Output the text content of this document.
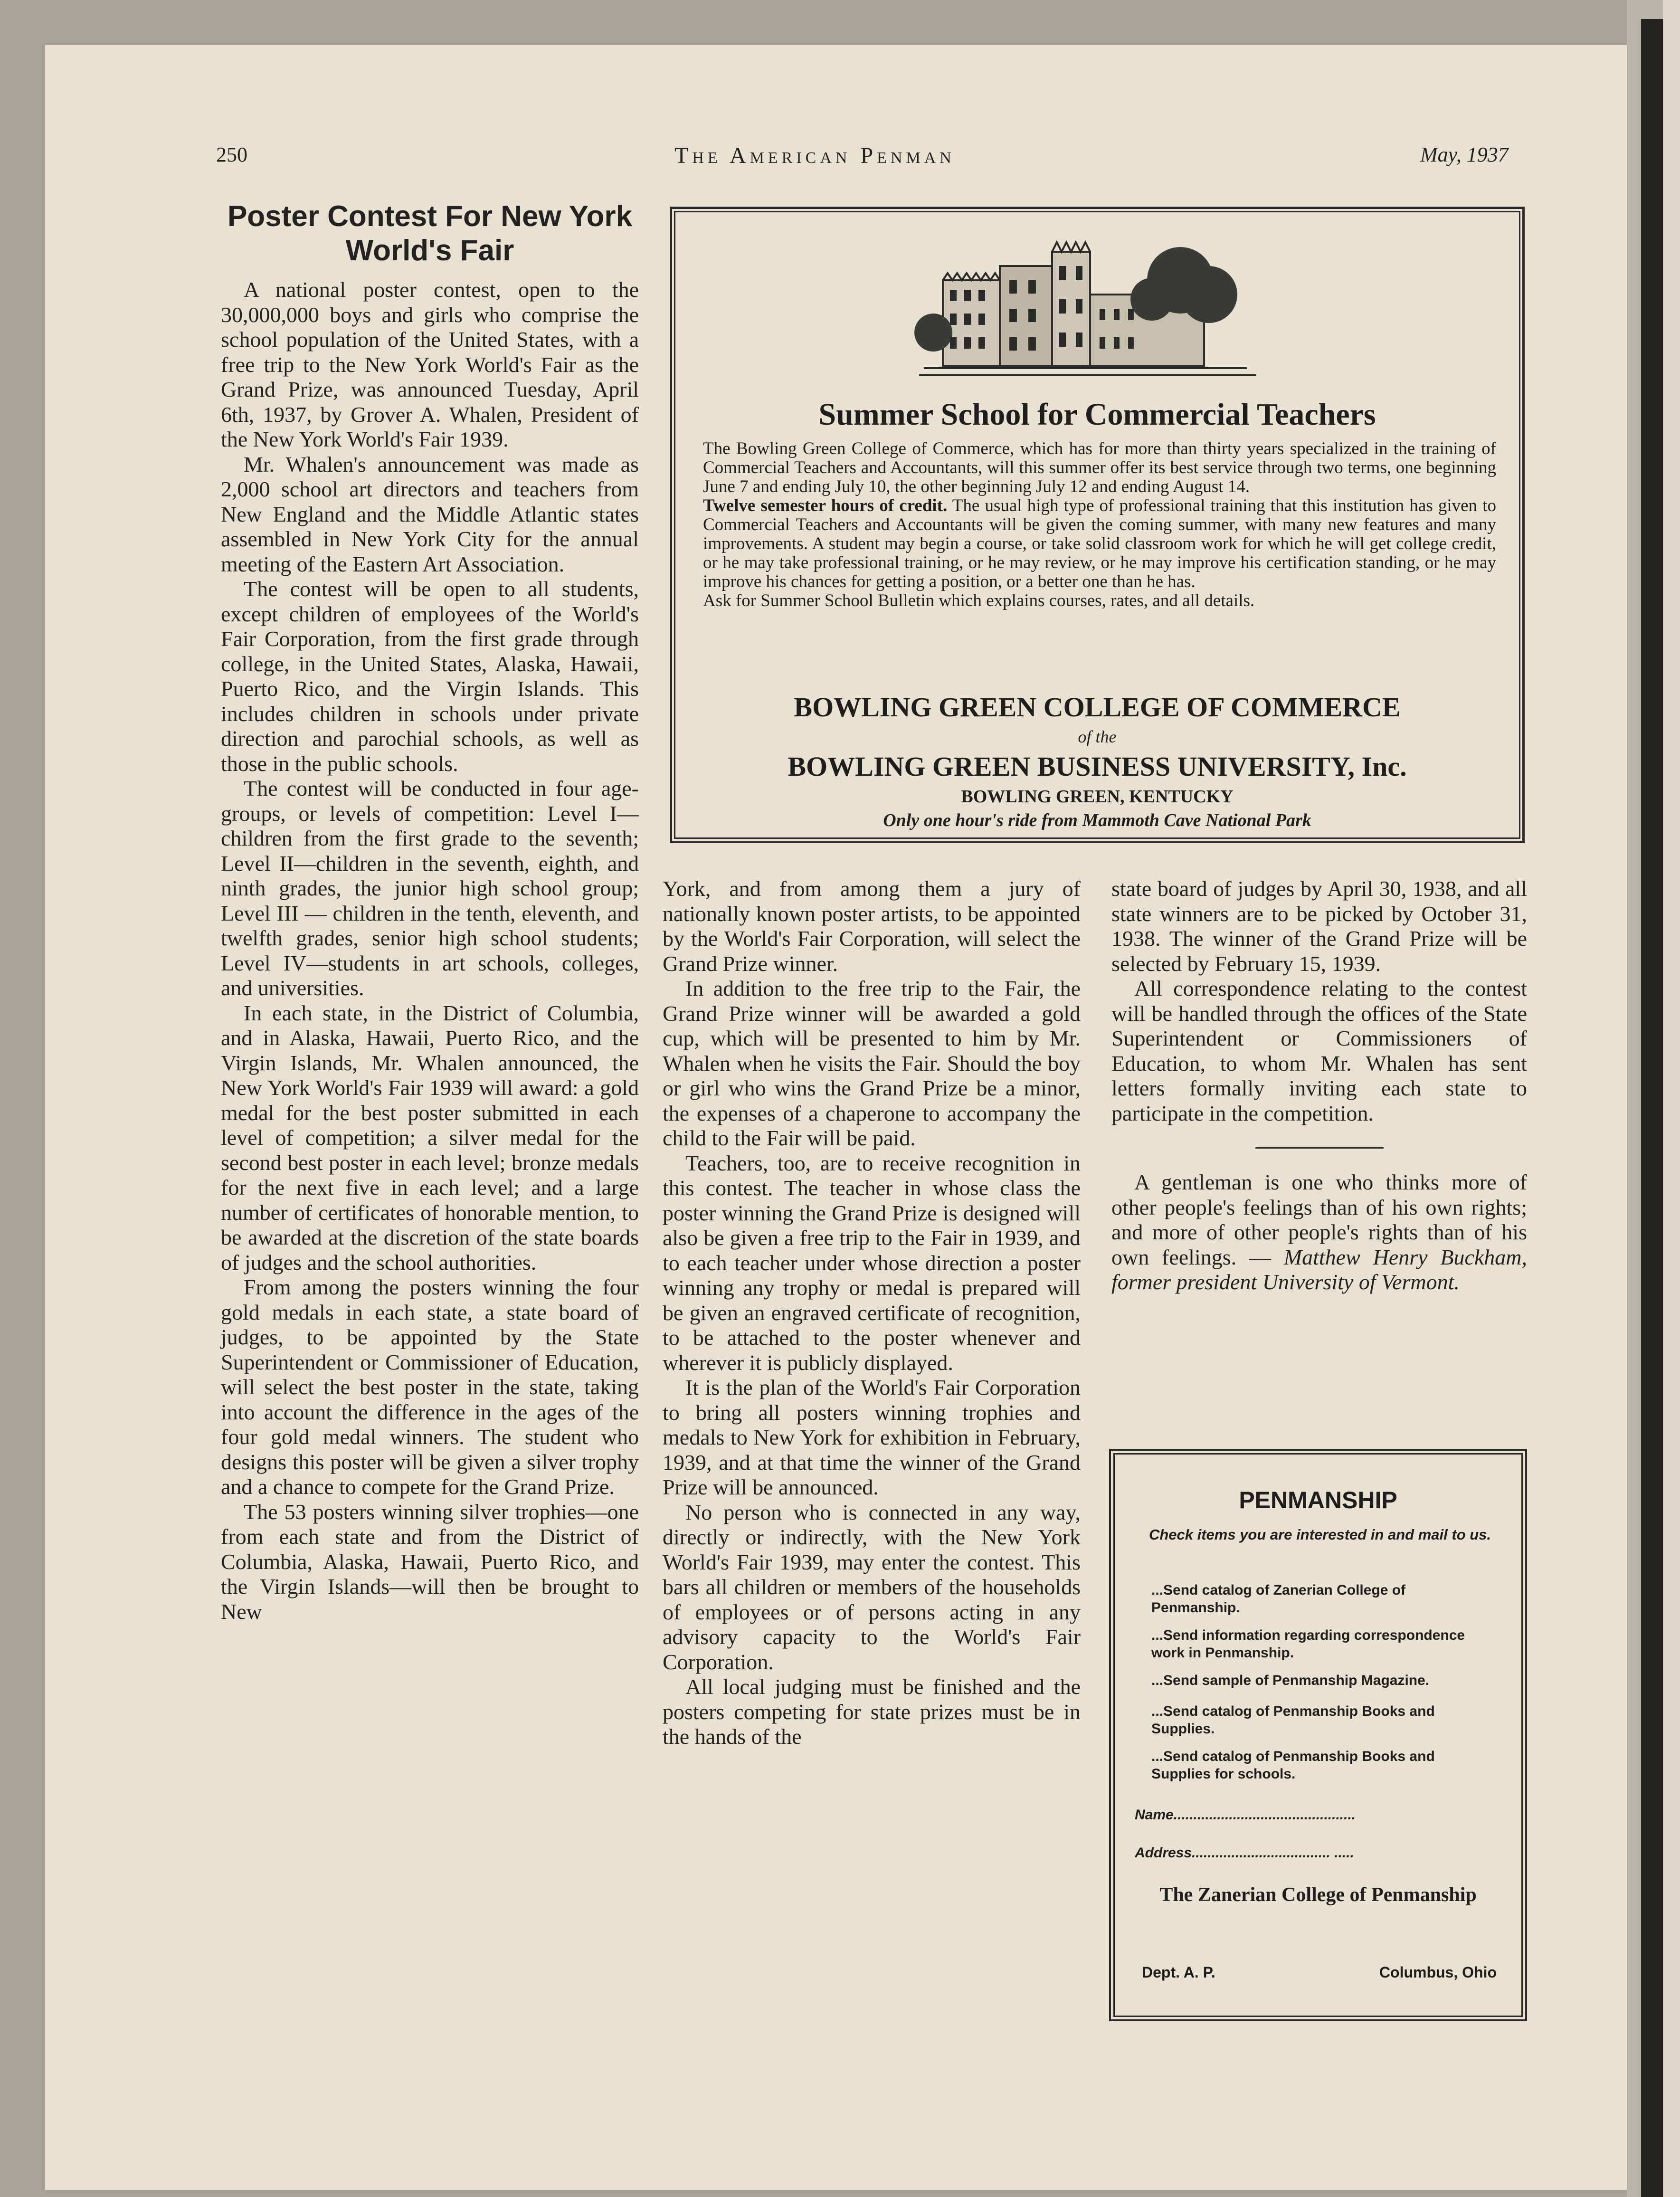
250	The American Penman	May, 1937
Poster Contest For New York World's Fair

A national poster contest, open to the 30,000,000 boys and girls who comprise the school population of the United States, with a free trip to the New York World's Fair as the Grand Prize, was announced Tuesday, April 6th, 1937, by Grover A. Whalen, President of the New York World's Fair 1939.

Mr. Whalen's announcement was made as 2,000 school art directors and teachers from New England and the Middle Atlantic states assembled in New York City for the annual meeting of the Eastern Art Association.

The contest will be open to all students, except children of employees of the World's Fair Corporation, from the first grade through college, in the United States, Alaska, Hawaii, Puerto Rico, and the Virgin Islands. This includes children in schools under private direction and parochial schools, as well as those in the public schools.

The contest will be conducted in four age-groups, or levels of competition: Level I—children from the first grade to the seventh; Level II—children in the seventh, eighth, and ninth grades, the junior high school group; Level III — children in the tenth, eleventh, and twelfth grades, senior high school students; Level IV—students in art schools, colleges, and universities.

In each state, in the District of Columbia, and in Alaska, Hawaii, Puerto Rico, and the Virgin Islands, Mr. Whalen announced, the New York World's Fair 1939 will award: a gold medal for the best poster submitted in each level of competition; a silver medal for the second best poster in each level; bronze medals for the next five in each level; and a large number of certificates of honorable mention, to be awarded at the discretion of the state boards of judges and the school authorities.

From among the posters winning the four gold medals in each state, a state board of judges, to be appointed by the State Superintendent or Commissioner of Education, will select the best poster in the state, taking into account the difference in the ages of the four gold medal winners. The student who designs this poster will be given a silver trophy and a chance to compete for the Grand Prize.

The 53 posters winning silver trophies—one from each state and from the District of Columbia, Alaska, Hawaii, Puerto Rico, and the Virgin Islands—will then be brought to New

Summer School for Commercial Teachers
The Bowling Green College of Commerce, which has for more than thirty years specialized in the training of Commercial Teachers and Accountants, will this summer offer its best service through two terms, one beginning June 7 and ending July 10, the other beginning July 12 and ending August 14.
Twelve semester hours of credit. The usual high type of professional training that this institution has given to Commercial Teachers and Accountants will be given the coming summer, with many new features and many improvements. A student may begin a course, or take solid classroom work for which he will get college credit, or he may take professional training, or he may review, or he may improve his certification standing, or he may improve his chances for getting a position, or a better one than he has.
Ask for Summer School Bulletin which explains courses, rates, and all details.
BOWLING GREEN COLLEGE OF COMMERCE
of the
BOWLING GREEN BUSINESS UNIVERSITY, Inc.
BOWLING GREEN, KENTUCKY
Only one hour's ride from Mammoth Cave National Park

York, and from among them a jury of nationally known poster artists, to be appointed by the World's Fair Corporation, will select the Grand Prize winner.

In addition to the free trip to the Fair, the Grand Prize winner will be awarded a gold cup, which will be presented to him by Mr. Whalen when he visits the Fair. Should the boy or girl who wins the Grand Prize be a minor, the expenses of a chaperone to accompany the child to the Fair will be paid.

Teachers, too, are to receive recognition in this contest. The teacher in whose class the poster winning the Grand Prize is designed will also be given a free trip to the Fair in 1939, and to each teacher under whose direction a poster winning any trophy or medal is prepared will be given an engraved certificate of recognition, to be attached to the poster whenever and wherever it is publicly displayed.

It is the plan of the World's Fair Corporation to bring all posters winning trophies and medals to New York for exhibition in February, 1939, and at that time the winner of the Grand Prize will be announced.

No person who is connected in any way, directly or indirectly, with the New York World's Fair 1939, may enter the contest. This bars all children or members of the households of employees or of persons acting in any advisory capacity to the World's Fair Corporation.

All local judging must be finished and the posters competing for state prizes must be in the hands of the

state board of judges by April 30, 1938, and all state winners are to be picked by October 31, 1938. The winner of the Grand Prize will be selected by February 15, 1939.

All correspondence relating to the contest will be handled through the offices of the State Superintendent or Commissioners of Education, to whom Mr. Whalen has sent letters formally inviting each state to participate in the competition.

A gentleman is one who thinks more of other people's feelings than of his own rights; and more of other people's rights than of his own feelings. — Matthew Henry Buckham, former president University of Vermont.

PENMANSHIP
Check items you are interested in and mail to us.
...Send catalog of Zanerian College of Penmanship.
...Send information regarding correspondence work in Penmanship.
...Send sample of Penmanship Magazine.
...Send catalog of Penmanship Books and Supplies.
...Send catalog of Penmanship Books and Supplies for schools.
Name..............................................
Address................................... .....
The Zanerian College of Penmanship
Dept. A. P.	Columbus, Ohio
